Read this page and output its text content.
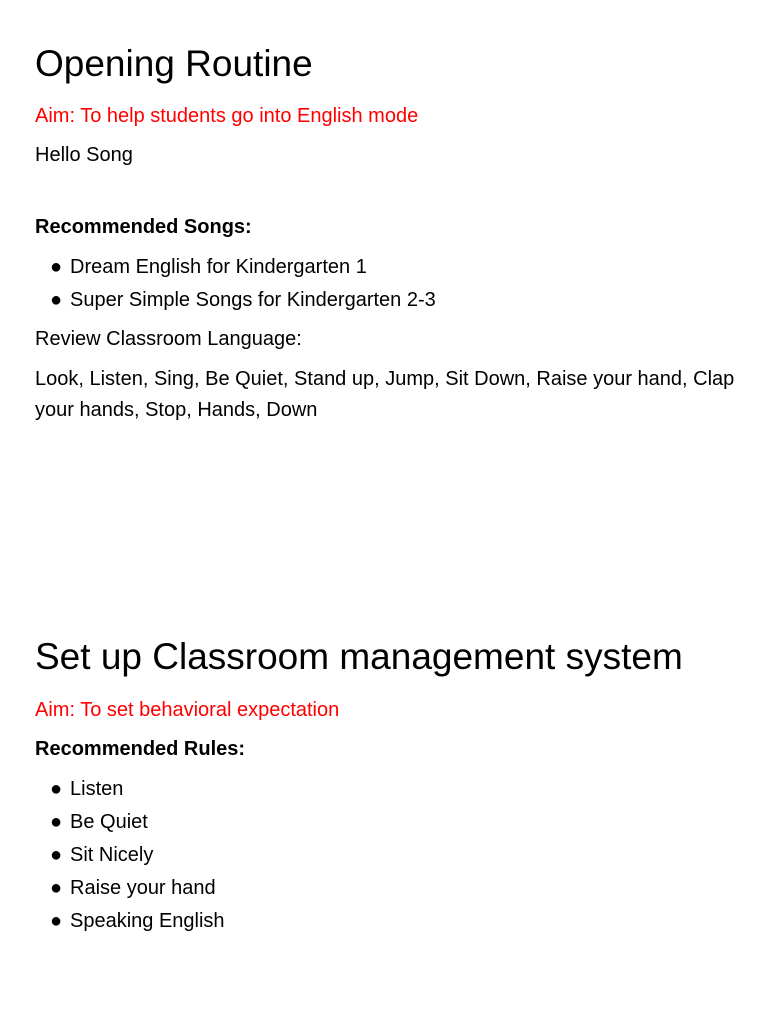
Opening Routine
Aim: To help students go into English mode
Hello Song
Recommended Songs:
● Dream English for Kindergarten 1
● Super Simple Songs for Kindergarten 2-3
Review Classroom Language:
Look, Listen, Sing, Be Quiet, Stand up, Jump, Sit Down, Raise your hand, Clap your hands, Stop, Hands, Down
Set up Classroom management system
Aim: To set behavioral expectation
Recommended Rules:
● Listen
● Be Quiet
● Sit Nicely
● Raise your hand
● Speaking English
